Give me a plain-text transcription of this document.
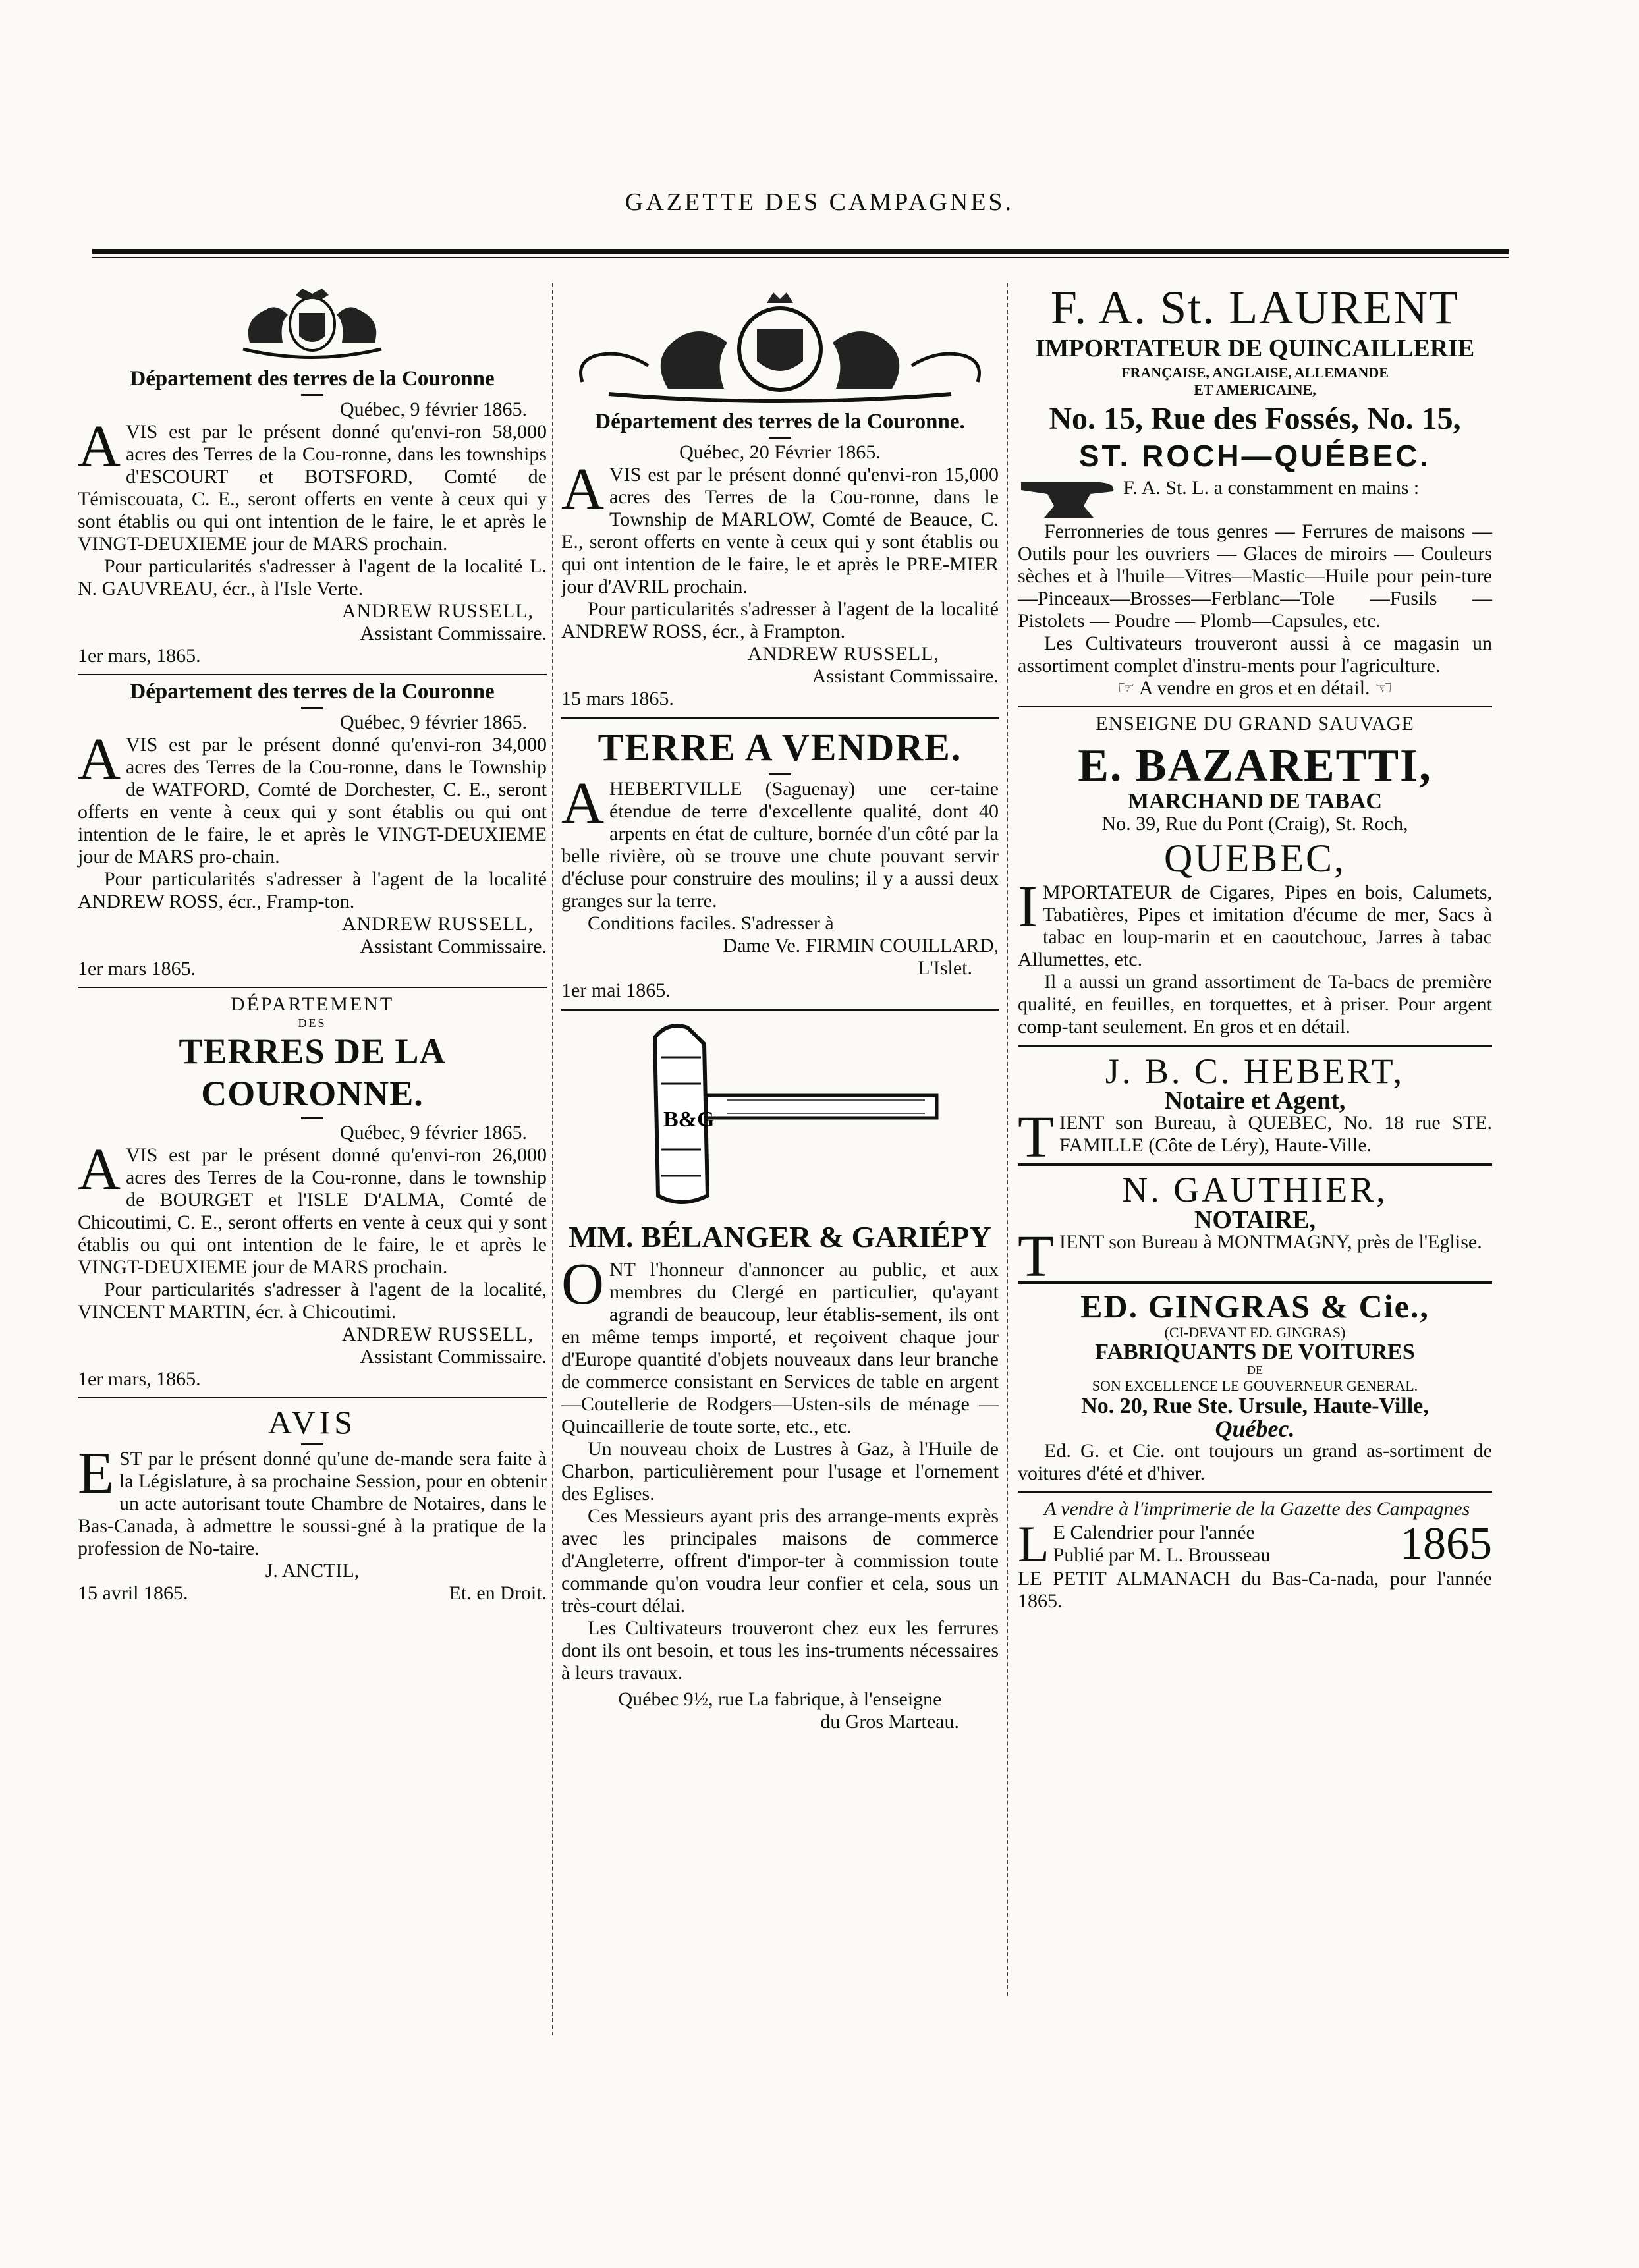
GAZETTE DES CAMPAGNES.
Département des terres de la Couronne

Québec, 9 février 1865.

AVIS est par le présent donné qu'envi-ron 58,000 acres des Terres de la Cou-ronne, dans les townships d'ESCOURT et BOTSFORD, Comté de Témiscouata, C. E., seront offerts en vente à ceux qui y sont établis ou qui ont intention de le faire, le et après le VINGT-DEUXIEME jour de MARS prochain.

Pour particularités s'adresser à l'agent de la localité L. N. GAUVREAU, écr., à l'Isle Verte.

ANDREW RUSSELL,

Assistant Commissaire.

1er mars, 1865.

Département des terres de la Couronne

Québec, 9 février 1865.

AVIS est par le présent donné qu'envi-ron 34,000 acres des Terres de la Cou-ronne, dans le Township de WATFORD, Comté de Dorchester, C. E., seront offerts en vente à ceux qui y sont établis ou qui ont intention de le faire, le et après le VINGT-DEUXIEME jour de MARS pro-chain.

Pour particularités s'adresser à l'agent de la localité ANDREW ROSS, écr., Framp-ton.

ANDREW RUSSELL,

Assistant Commissaire.

1er mars 1865.

DÉPARTEMENT

DES

TERRES DE LA COURONNE.

Québec, 9 février 1865.

AVIS est par le présent donné qu'envi-ron 26,000 acres des Terres de la Cou-ronne, dans le township de BOURGET et l'ISLE D'ALMA, Comté de Chicoutimi, C. E., seront offerts en vente à ceux qui y sont établis ou qui ont intention de le faire, le et après le VINGT-DEUXIEME jour de MARS prochain.

Pour particularités s'adresser à l'agent de la localité, VINCENT MARTIN, écr. à Chicoutimi.

ANDREW RUSSELL,

Assistant Commissaire.

1er mars, 1865.

AVIS

EST par le présent donné qu'une de-mande sera faite à la Législature, à sa prochaine Session, pour en obtenir un acte autorisant toute Chambre de Notaires, dans le Bas-Canada, à admettre le soussi-gné à la pratique de la profession de No-taire.

J. ANCTIL,

15 avril 1865.	Et. en Droit.

Département des terres de la Couronne.

Québec, 20 Février 1865.

AVIS est par le présent donné qu'envi-ron 15,000 acres des Terres de la Cou-ronne, dans le Township de MARLOW, Comté de Beauce, C. E., seront offerts en vente à ceux qui y sont établis ou qui ont intention de le faire, le et après le PRE-MIER jour d'AVRIL prochain.

Pour particularités s'adresser à l'agent de la localité ANDREW ROSS, écr., à Frampton.

ANDREW RUSSELL,

Assistant Commissaire.

15 mars 1865.

TERRE A VENDRE.

AHEBERTVILLE (Saguenay) une cer-taine étendue de terre d'excellente qualité, dont 40 arpents en état de culture, bornée d'un côté par la belle rivière, où se trouve une chute pouvant servir d'écluse pour construire des moulins; il y a aussi deux granges sur la terre.

Conditions faciles. S'adresser à

Dame Ve. FIRMIN COUILLARD,

L'Islet.

1er mai 1865.

B&G

MM. BÉLANGER & GARIÉPY

ONT l'honneur d'annoncer au public, et aux membres du Clergé en particulier, qu'ayant agrandi de beaucoup, leur établis-sement, ils ont en même temps importé, et reçoivent chaque jour d'Europe quantité d'objets nouveaux dans leur branche de commerce consistant en Services de table en argent—Coutellerie de Rodgers—Usten-sils de ménage — Quincaillerie de toute sorte, etc., etc.

Un nouveau choix de Lustres à Gaz, à l'Huile de Charbon, particulièrement pour l'usage et l'ornement des Eglises.

Ces Messieurs ayant pris des arrange-ments exprès avec les principales maisons de commerce d'Angleterre, offrent d'impor-ter à commission toute commande qu'on voudra leur confier et cela, sous un très-court délai.

Les Cultivateurs trouveront chez eux les ferrures dont ils ont besoin, et tous les ins-truments nécessaires à leurs travaux.

Québec 9½, rue La fabrique, à l'enseigne

du Gros Marteau.

F. A. St. LAURENT

IMPORTATEUR DE QUINCAILLERIE

FRANÇAISE, ANGLAISE, ALLEMANDE

ET AMERICAINE,

No. 15, Rue des Fossés, No. 15,

ST. ROCH—QUÉBEC.

F. A. St. L. a constamment en mains :

Ferronneries de tous genres — Ferrures de maisons — Outils pour les ouvriers — Glaces de miroirs — Couleurs sèches et à l'huile—Vitres—Mastic—Huile pour pein-ture—Pinceaux—Brosses—Ferblanc—Tole —Fusils — Pistolets — Poudre — Plomb—Capsules, etc.

Les Cultivateurs trouveront aussi à ce magasin un assortiment complet d'instru-ments pour l'agriculture.

☞ A vendre en gros et en détail. ☜

ENSEIGNE DU GRAND SAUVAGE

E. BAZARETTI,

MARCHAND DE TABAC

No. 39, Rue du Pont (Craig), St. Roch,

QUEBEC,

IMPORTATEUR de Cigares, Pipes en bois, Calumets, Tabatières, Pipes et imitation d'écume de mer, Sacs à tabac en loup-marin et en caoutchouc, Jarres à tabac Allumettes, etc.

Il a aussi un grand assortiment de Ta-bacs de première qualité, en feuilles, en torquettes, et à priser. Pour argent comp-tant seulement. En gros et en détail.

J. B. C. HEBERT,

Notaire et Agent,

TIENT son Bureau, à QUEBEC, No. 18 rue STE. FAMILLE (Côte de Léry), Haute-Ville.

N. GAUTHIER,

NOTAIRE,

TIENT son Bureau à MONTMAGNY, près de l'Eglise.

ED. GINGRAS & Cie.,

(CI-DEVANT ED. GINGRAS)

FABRIQUANTS DE VOITURES

DE

SON EXCELLENCE LE GOUVERNEUR GENERAL.

No. 20, Rue Ste. Ursule, Haute-Ville,

Québec.

Ed. G. et Cie. ont toujours un grand as-sortiment de voitures d'été et d'hiver.

A vendre à l'imprimerie de la Gazette des Campagnes

L E Calendrier pour l'année

Publié par M. L. Brousseau	1865

LE PETIT ALMANACH du Bas-Ca-nada, pour l'année 1865.
